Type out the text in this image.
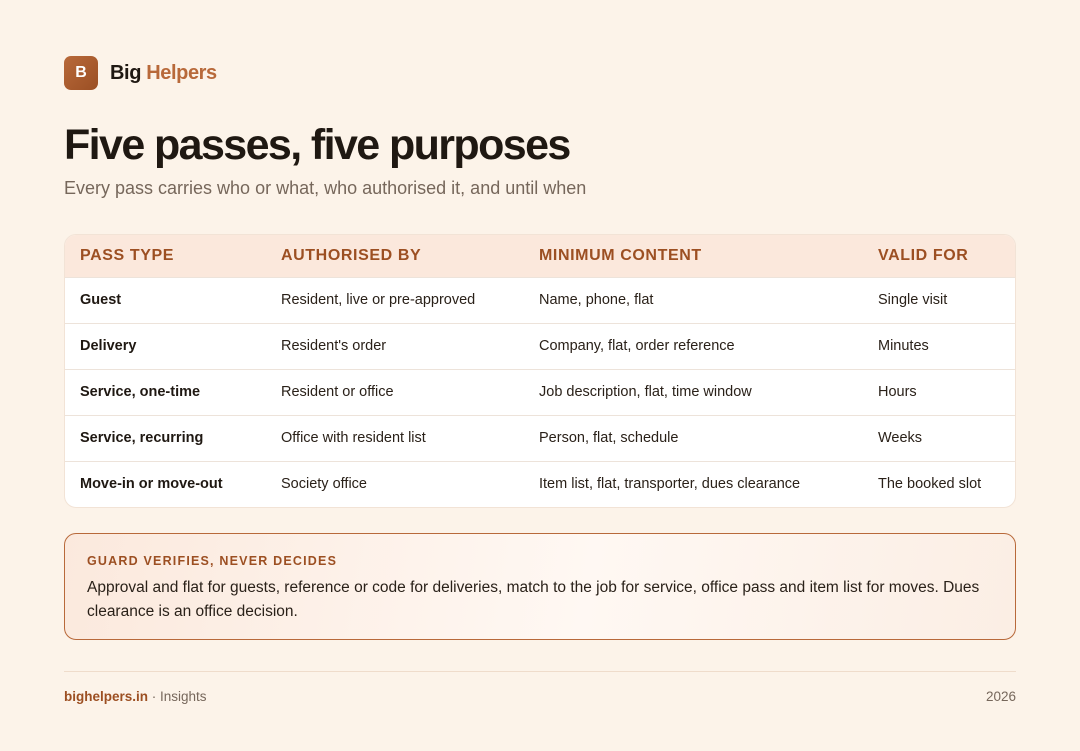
B Big Helpers
Five passes, five purposes

Every pass carries who or what, who authorised it, and until when

PASS TYPE	AUTHORISED BY	MINIMUM CONTENT	VALID FOR
Guest	Resident, live or pre-approved	Name, phone, flat	Single visit
Delivery	Resident's order	Company, flat, order reference	Minutes
Service, one-time	Resident or office	Job description, flat, time window	Hours
Service, recurring	Office with resident list	Person, flat, schedule	Weeks
Move-in or move-out	Society office	Item list, flat, transporter, dues clearance	The booked slot
GUARD VERIFIES, NEVER DECIDES

Approval and flat for guests, reference or code for deliveries, match to the job for service, office pass and item list for moves. Dues clearance is an office decision.

bighelpers.in · Insights	2026
